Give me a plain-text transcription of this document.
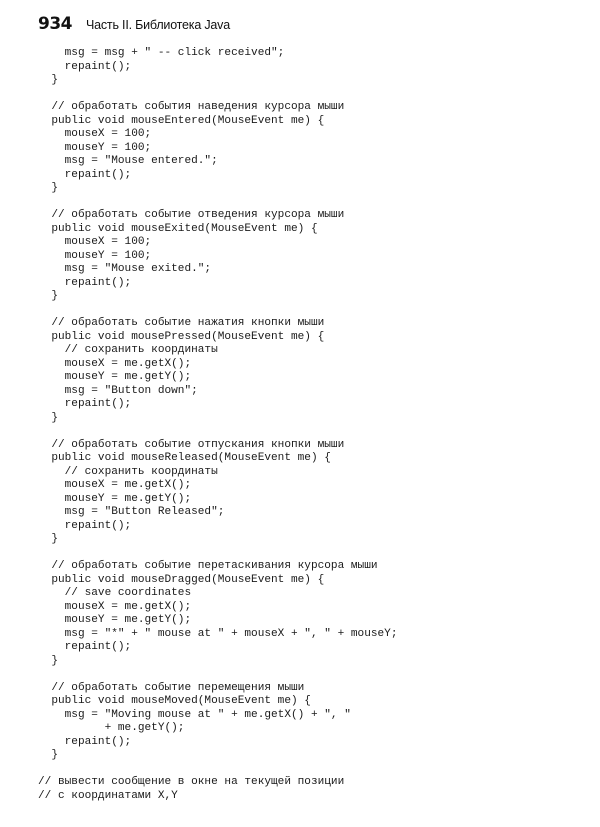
934 Часть II. Библиотека Java
msg = msg + " -- click received";
repaint();
}
// обработать события наведения курсора мыши
public void mouseEntered(MouseEvent me) {
mouseX = 100;
mouseY = 100;
msg = "Mouse entered.";
repaint();
}
// обработать событие отведения курсора мыши
public void mouseExited(MouseEvent me) {
mouseX = 100;
mouseY = 100;
msg = "Mouse exited.";
repaint();
}
// обработать событие нажатия кнопки мыши
public void mousePressed(MouseEvent me) {
// сохранить координаты
mouseX = me.getX();
mouseY = me.getY();
msg = "Button down";
repaint();
}
// обработать событие отпускания кнопки мыши
public void mouseReleased(MouseEvent me) {
// сохранить координаты
mouseX = me.getX();
mouseY = me.getY();
msg = "Button Released";
repaint();
}
// обработать событие перетаскивания курсора мыши
public void mouseDragged(MouseEvent me) {
// save coordinates
mouseX = me.getX();
mouseY = me.getY();
msg = "*" + " mouse at " + mouseX + ", " + mouseY;
repaint();
}
// обработать событие перемещения мыши
public void mouseMoved(MouseEvent me) {
msg = "Moving mouse at " + me.getX() + ", "
+ me.getY();
repaint();
}
// вывести сообщение в окне на текущей позиции
// с координатами X,Y
